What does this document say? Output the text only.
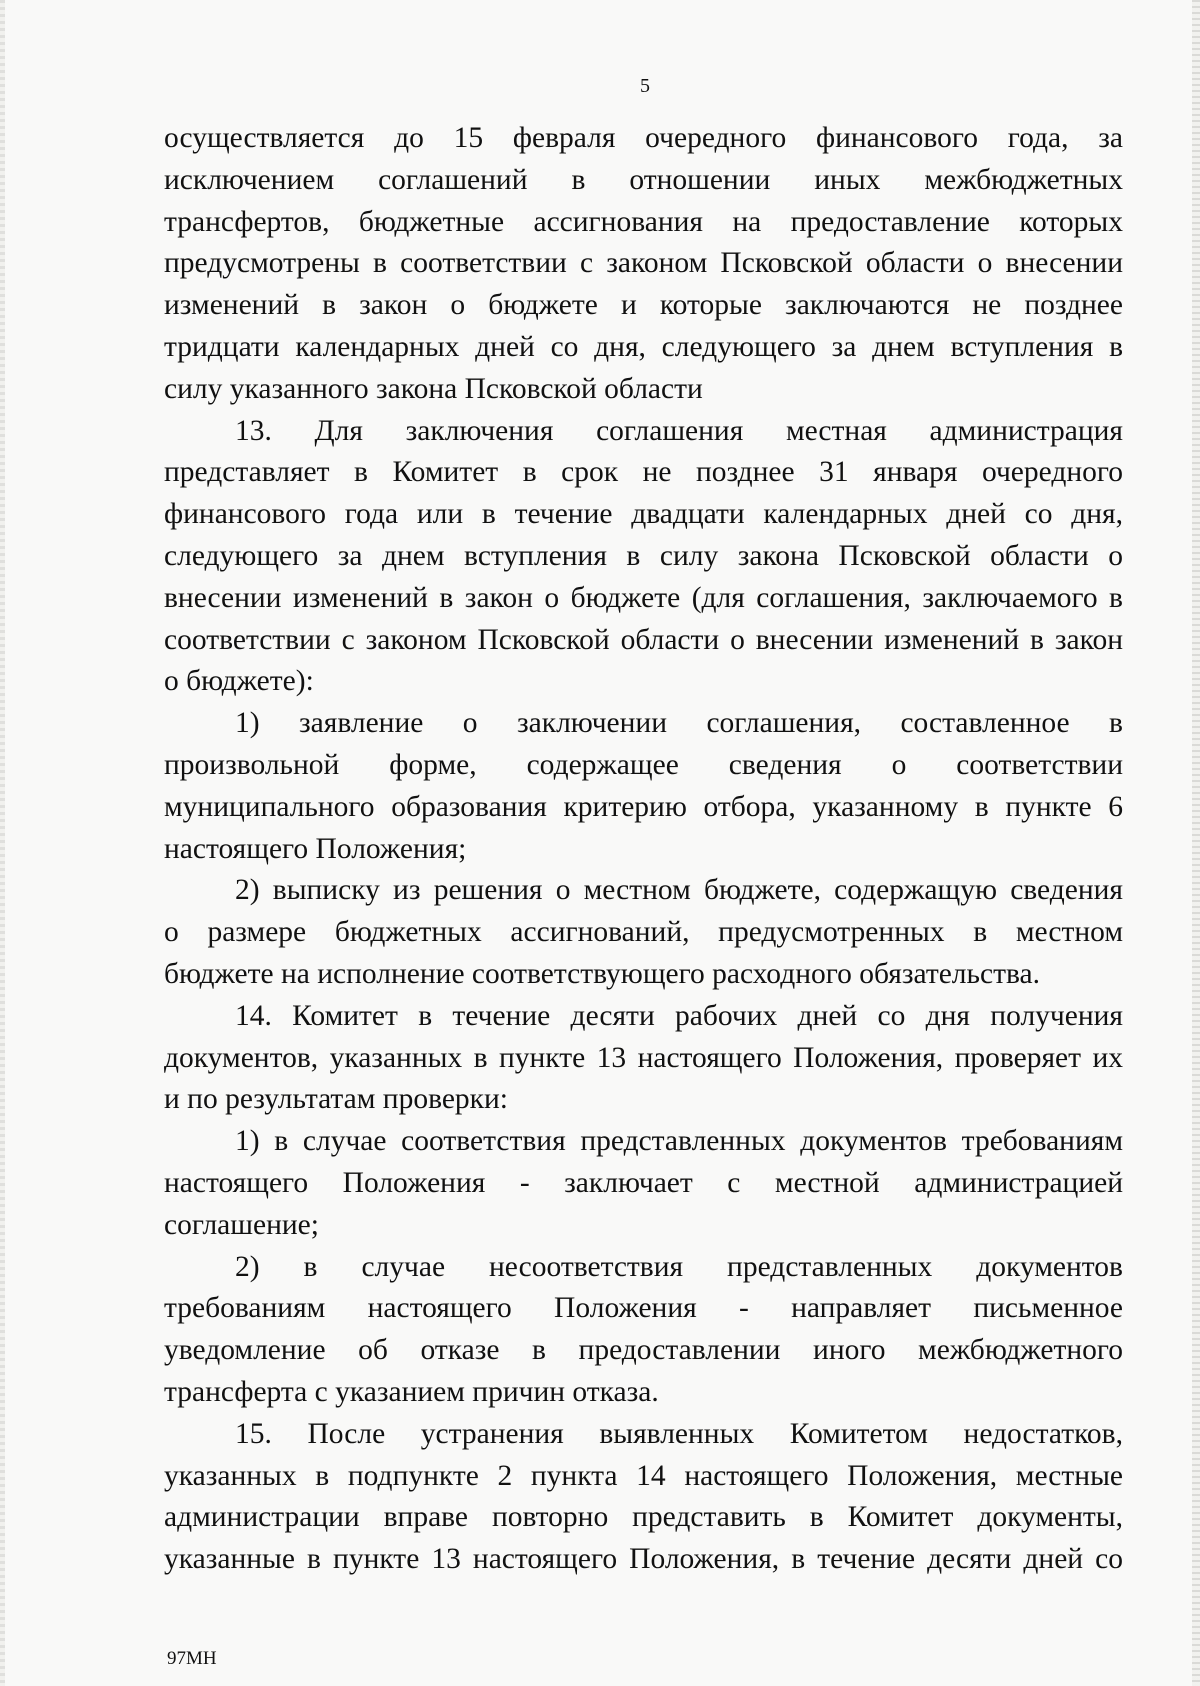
5
осуществляется до 15 февраля очередного финансового года, за
исключением соглашений в отношении иных межбюджетных
трансфертов, бюджетные ассигнования на предоставление которых
предусмотрены в соответствии с законом Псковской области о внесении
изменений в закон о бюджете и которые заключаются не позднее
тридцати календарных дней со дня, следующего за днем вступления в
силу указанного закона Псковской области
13. Для заключения соглашения местная администрация
представляет в Комитет в срок не позднее 31 января очередного
финансового года или в течение двадцати календарных дней со дня,
следующего за днем вступления в силу закона Псковской области о
внесении изменений в закон о бюджете (для соглашения, заключаемого в
соответствии с законом Псковской области о внесении изменений в закон
о бюджете):
1) заявление о заключении соглашения, составленное в
произвольной форме, содержащее сведения о соответствии
муниципального образования критерию отбора, указанному в пункте 6
настоящего Положения;
2) выписку из решения о местном бюджете, содержащую сведения
о размере бюджетных ассигнований, предусмотренных в местном
бюджете на исполнение соответствующего расходного обязательства.
14. Комитет в течение десяти рабочих дней со дня получения
документов, указанных в пункте 13 настоящего Положения, проверяет их
и по результатам проверки:
1) в случае соответствия представленных документов требованиям
настоящего Положения - заключает с местной администрацией
соглашение;
2) в случае несоответствия представленных документов
требованиям настоящего Положения - направляет письменное
уведомление об отказе в предоставлении иного межбюджетного
трансферта с указанием причин отказа.
15. После устранения выявленных Комитетом недостатков,
указанных в подпункте 2 пункта 14 настоящего Положения, местные
администрации вправе повторно представить в Комитет документы,
указанные в пункте 13 настоящего Положения, в течение десяти дней со
97МН
